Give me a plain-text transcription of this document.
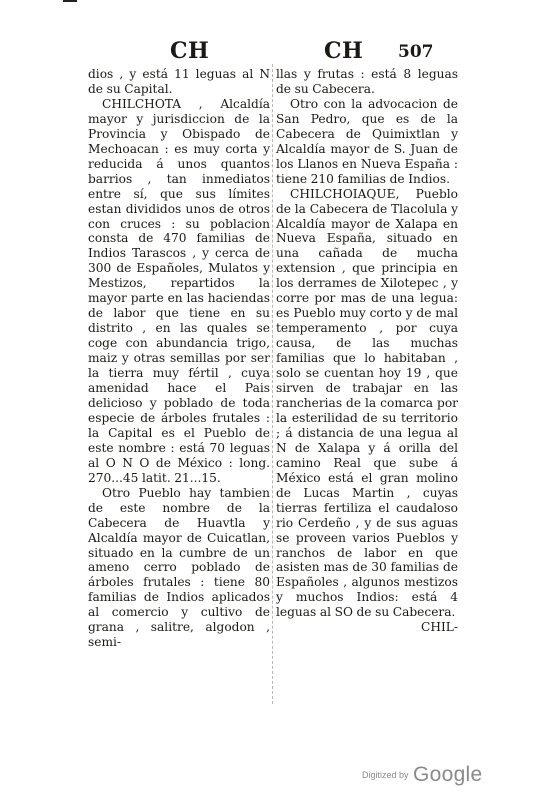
CH	CH 507

dios , y está 11 leguas al N de su Capital.

CHILCHOTA , Alcaldía mayor y jurisdiccion de la Provincia y Obispado de Mechoacan : es muy corta y reducida á unos quantos barrios , tan inmediatos entre sí, que sus límites estan divididos unos de otros con cruces : su poblacion consta de 470 familias de Indios Tarascos , y cerca de 300 de Españoles, Mulatos y Mestizos, repartidos la mayor parte en las haciendas de labor que tiene en su distrito , en las quales se coge con abundancia trigo, maiz y otras semillas por ser la tierra muy fértil , cuya amenidad hace el Pais delicioso y poblado de toda especie de árboles frutales : la Capital es el Pueblo de este nombre : está 70 leguas al O N O de México : long. 270...45 latit. 21...15.

Otro Pueblo hay tambien de este nombre de la Cabecera de Huavtla y Alcaldía mayor de Cuicatlan, situado en la cumbre de un ameno cerro poblado de árboles frutales : tiene 80 familias de Indios aplicados al comercio y cultivo de grana , salitre, algodon , semi-

llas y frutas : está 8 leguas de su Cabecera.

Otro con la advocacion de San Pedro, que es de la Cabecera de Quimixtlan y Alcaldía mayor de S. Juan de los Llanos en Nueva España : tiene 210 familias de Indios.

CHILCHOIAQUE, Pueblo de la Cabecera de Tlacolula y Alcaldía mayor de Xalapa en Nueva España, situado en una cañada de mucha extension , que principia en los derrames de Xilotepec , y corre por mas de una legua: es Pueblo muy corto y de mal temperamento , por cuya causa, de las muchas familias que lo habitaban , solo se cuentan hoy 19 , que sirven de trabajar en las rancherias de la comarca por la esterilidad de su territorio ; á distancia de una legua al N de Xalapa y á orilla del camino Real que sube á México está el gran molino de Lucas Martin , cuyas tierras fertiliza el caudaloso rio Cerdeño , y de sus aguas se proveen varios Pueblos y ranchos de labor en que asisten mas de 30 familias de Españoles , algunos mestizos y muchos Indios: está 4 leguas al SO de su Cabecera.

CHIL-
Digitized by Google
